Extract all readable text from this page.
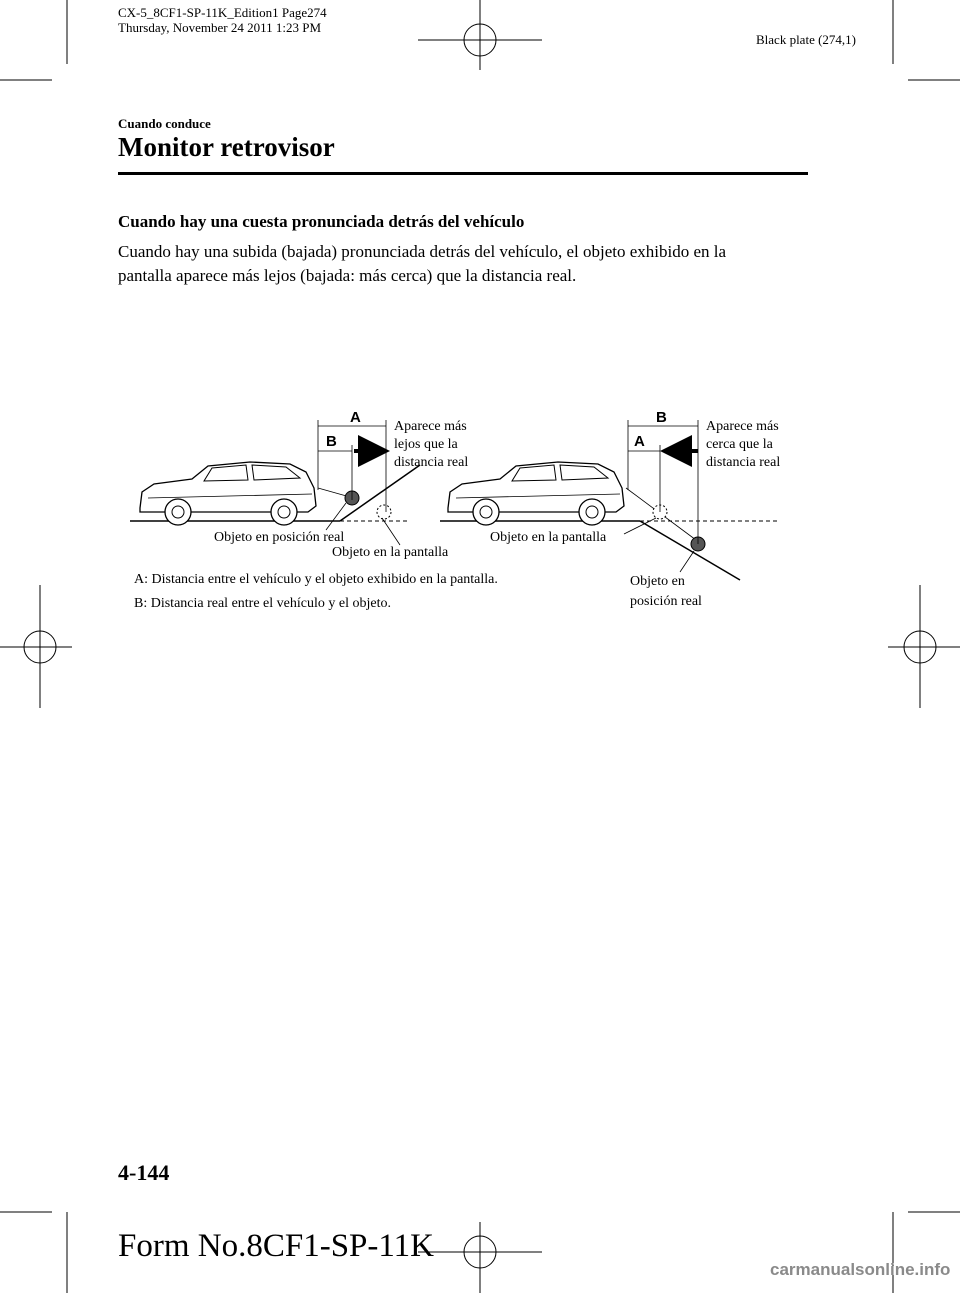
CX-5_8CF1-SP-11K_Edition1 Page274
Thursday, November 24 2011 1:23 PM
Black plate (274,1)
Cuando conduce
Monitor retrovisor
Cuando hay una cuesta pronunciada detrás del vehículo
Cuando hay una subida (bajada) pronunciada detrás del vehículo, el objeto exhibido en la
pantalla aparece más lejos (bajada: más cerca) que la distancia real.
A
B
Aparece más
lejos que la
distancia real
Objeto en posición real
Objeto en la pantalla
B
A
Aparece más
cerca que la
distancia real
Objeto en la pantalla
Objeto en
posición real
A: Distancia entre el vehículo y el objeto exhibido en la pantalla.
B: Distancia real entre el vehículo y el objeto.
4-144
Form No.8CF1-SP-11K
carmanualsonline.info
